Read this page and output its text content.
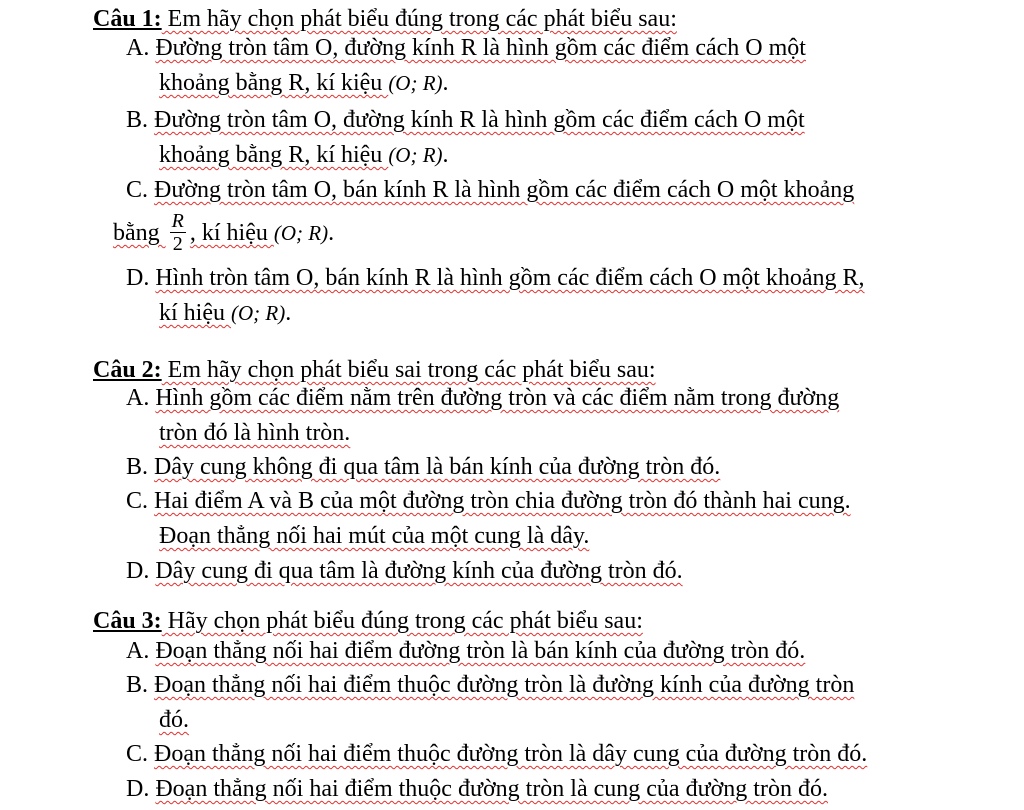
Câu 1: Em hãy chọn phát biểu đúng trong các phát biểu sau:
A. Đường tròn tâm O, đường kính R là hình gồm các điểm cách O một
khoảng bằng R, kí kiệu (O; R).
B. Đường tròn tâm O, đường kính R là hình gồm các điểm cách O một
khoảng bằng R, kí hiệu (O; R).
C. Đường tròn tâm O, bán kính R là hình gồm các điểm cách O một khoảng
bằng $\frac{R}{2}$ , kí hiệu (O; R).
D. Hình tròn tâm O, bán kính R là hình gồm các điểm cách O một khoảng R,
kí hiệu (O; R).
Câu 2: Em hãy chọn phát biểu sai trong các phát biểu sau:
A. Hình gồm các điểm nằm trên đường tròn và các điểm nằm trong đường
tròn đó là hình tròn.
B. Dây cung không đi qua tâm là bán kính của đường tròn đó.
C. Hai điểm A và B của một đường tròn chia đường tròn đó thành hai cung.
Đoạn thẳng nối hai mút của một cung là dây.
D. Dây cung đi qua tâm là đường kính của đường tròn đó.
Câu 3: Hãy chọn phát biểu đúng trong các phát biểu sau:
A. Đoạn thẳng nối hai điểm đường tròn là bán kính của đường tròn đó.
B. Đoạn thẳng nối hai điểm thuộc đường tròn là đường kính của đường tròn
đó.
C. Đoạn thẳng nối hai điểm thuộc đường tròn là dây cung của đường tròn đó.
D. Đoạn thẳng nối hai điểm thuộc đường tròn là cung của đường tròn đó.
